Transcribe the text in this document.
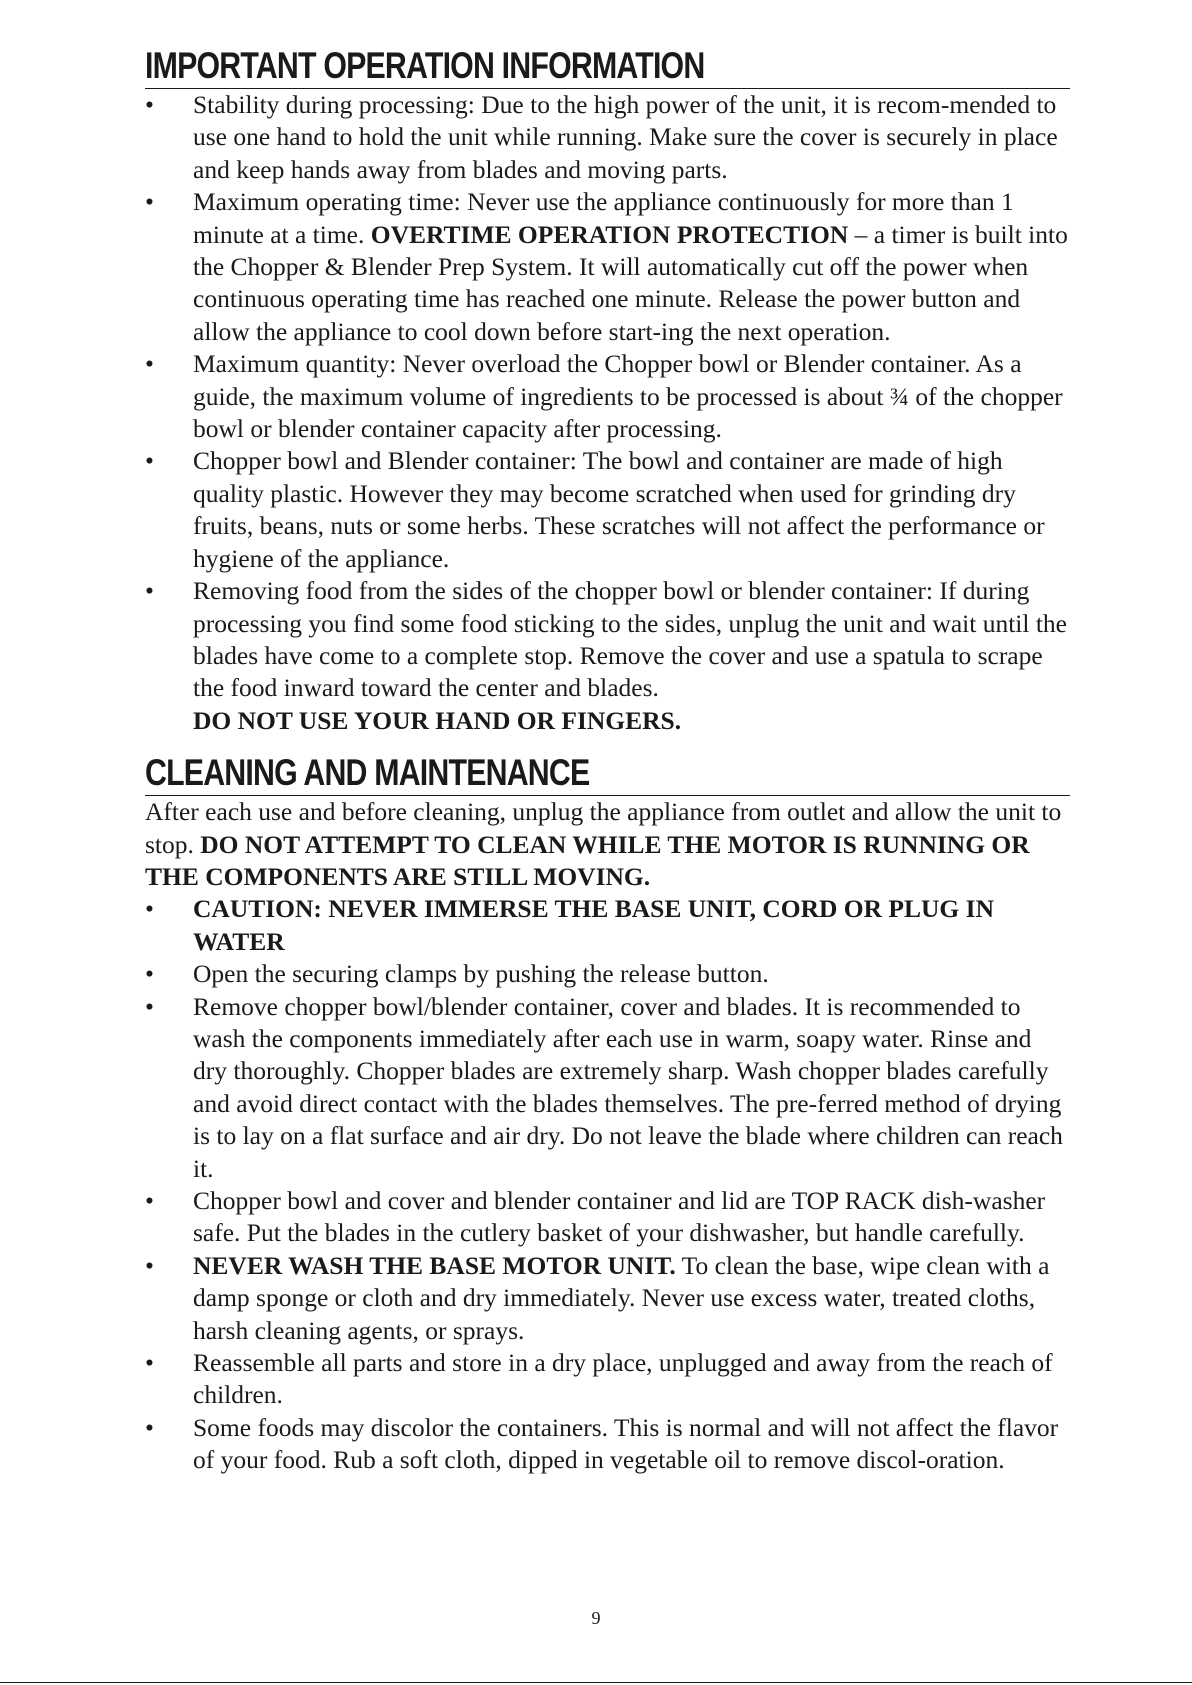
IMPORTANT OPERATION INFORMATION
• Stability during processing: Due to the high power of the unit, it is recom-mended to use one hand to hold the unit while running. Make sure the cover is securely in place and keep hands away from blades and moving parts.
• Maximum operating time: Never use the appliance continuously for more than 1 minute at a time. OVERTIME OPERATION PROTECTION – a timer is built into the Chopper & Blender Prep System. It will automatically cut off the power when continuous operating time has reached one minute. Release the power button and allow the appliance to cool down before start-ing the next operation.
• Maximum quantity: Never overload the Chopper bowl or Blender container. As a guide, the maximum volume of ingredients to be processed is about ¾ of the chopper bowl or blender container capacity after processing.
• Chopper bowl and Blender container: The bowl and container are made of high quality plastic. However they may become scratched when used for grinding dry fruits, beans, nuts or some herbs. These scratches will not affect the performance or hygiene of the appliance.
• Removing food from the sides of the chopper bowl or blender container: If during processing you find some food sticking to the sides, unplug the unit and wait until the blades have come to a complete stop. Remove the cover and use a spatula to scrape the food inward toward the center and blades.
DO NOT USE YOUR HAND OR FINGERS.
CLEANING AND MAINTENANCE

After each use and before cleaning, unplug the appliance from outlet and allow the unit to stop. DO NOT ATTEMPT TO CLEAN WHILE THE MOTOR IS RUNNING OR THE COMPONENTS ARE STILL MOVING.

• CAUTION: NEVER IMMERSE THE BASE UNIT, CORD OR PLUG IN WATER
• Open the securing clamps by pushing the release button.
• Remove chopper bowl/blender container, cover and blades. It is recommended to wash the components immediately after each use in warm, soapy water. Rinse and dry thoroughly. Chopper blades are extremely sharp. Wash chopper blades carefully and avoid direct contact with the blades themselves. The pre-ferred method of drying is to lay on a flat surface and air dry. Do not leave the blade where children can reach it.
• Chopper bowl and cover and blender container and lid are TOP RACK dish-washer safe. Put the blades in the cutlery basket of your dishwasher, but handle carefully.
• NEVER WASH THE BASE MOTOR UNIT. To clean the base, wipe clean with a damp sponge or cloth and dry immediately. Never use excess water, treated cloths, harsh cleaning agents, or sprays.
• Reassemble all parts and store in a dry place, unplugged and away from the reach of children.
• Some foods may discolor the containers. This is normal and will not affect the flavor of your food. Rub a soft cloth, dipped in vegetable oil to remove discol-oration.
9
